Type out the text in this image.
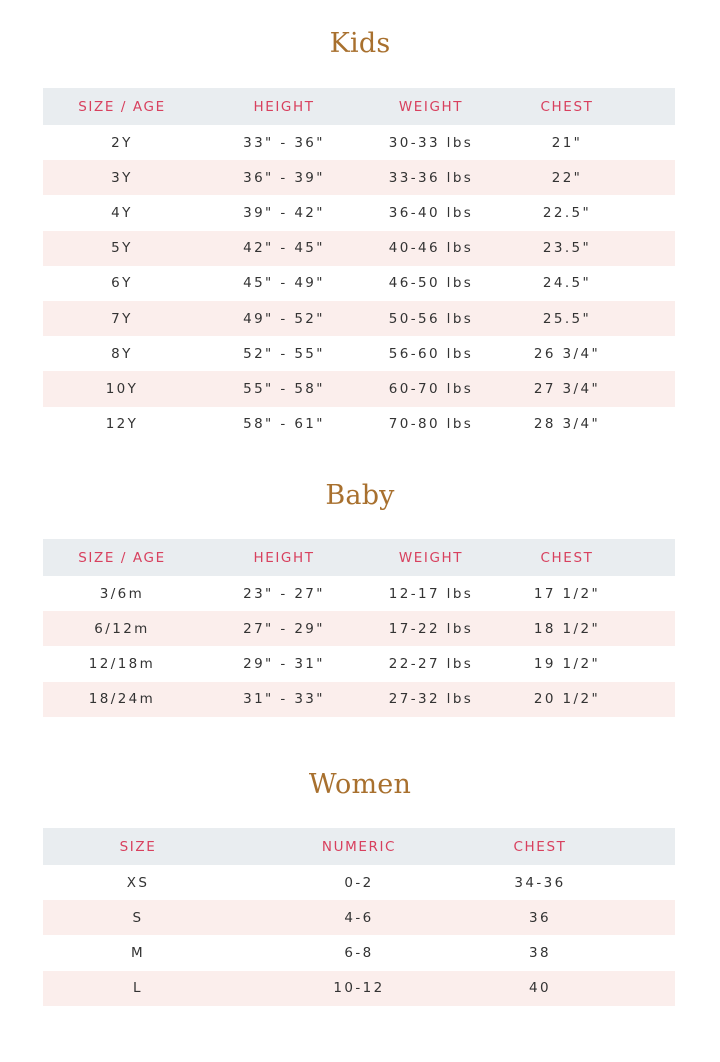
Kids
SIZE / AGE	HEIGHT	WEIGHT	CHEST
2Y	33" - 36"	30-33 lbs	21"
3Y	36" - 39"	33-36 lbs	22"
4Y	39" - 42"	36-40 lbs	22.5"
5Y	42" - 45"	40-46 lbs	23.5"
6Y	45" - 49"	46-50 lbs	24.5"
7Y	49" - 52"	50-56 lbs	25.5"
8Y	52" - 55"	56-60 lbs	26 3/4"
10Y	55" - 58"	60-70 lbs	27 3/4"
12Y	58" - 61"	70-80 lbs	28 3/4"
Baby
SIZE / AGE	HEIGHT	WEIGHT	CHEST
3/6m	23" - 27"	12-17 lbs	17 1/2"
6/12m	27" - 29"	17-22 lbs	18 1/2"
12/18m	29" - 31"	22-27 lbs	19 1/2"
18/24m	31" - 33"	27-32 lbs	20 1/2"
Women
SIZE	NUMERIC	CHEST
XS	0-2	34-36
S	4-6	36
M	6-8	38
L	10-12	40
